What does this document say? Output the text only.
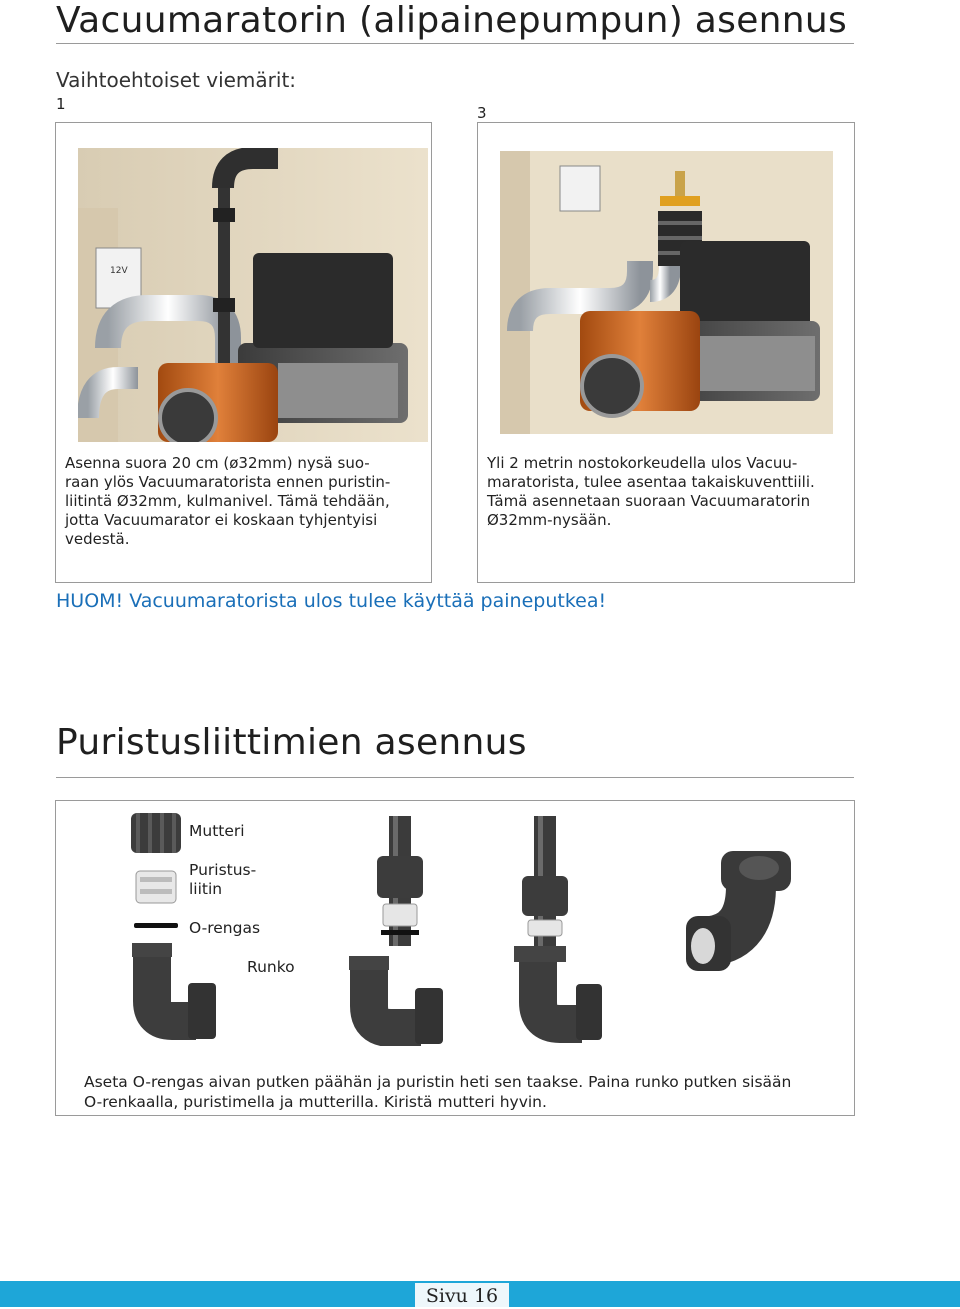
Vacuumaratorin (alipainepumpun) asennus
Vaihtoehtoiset viemärit:
1	3
12V
Asenna suora 20 cm (ø32mm) nysä suo-
raan ylös Vacuumaratorista ennen puristin-
liitintä Ø32mm, kulmanivel. Tämä tehdään,
jotta Vacuumarator ei koskaan tyhjentyisi
vedestä.
Yli 2 metrin nostokorkeudella ulos Vacuu-
maratorista, tulee asentaa takaiskuventtiili.
Tämä asennetaan suoraan Vacuumaratorin
Ø32mm-nysään.
HUOM! Vacuumaratorista ulos tulee käyttää paineputkea!
Puristusliittimien asennus
Mutteri
Puristus-
liitin
O-rengas
Runko
Aseta O-rengas aivan putken päähän ja puristin heti sen taakse. Paina runko putken sisään
O-renkaalla, puristimella ja mutterilla. Kiristä mutteri hyvin.
Sivu 16
